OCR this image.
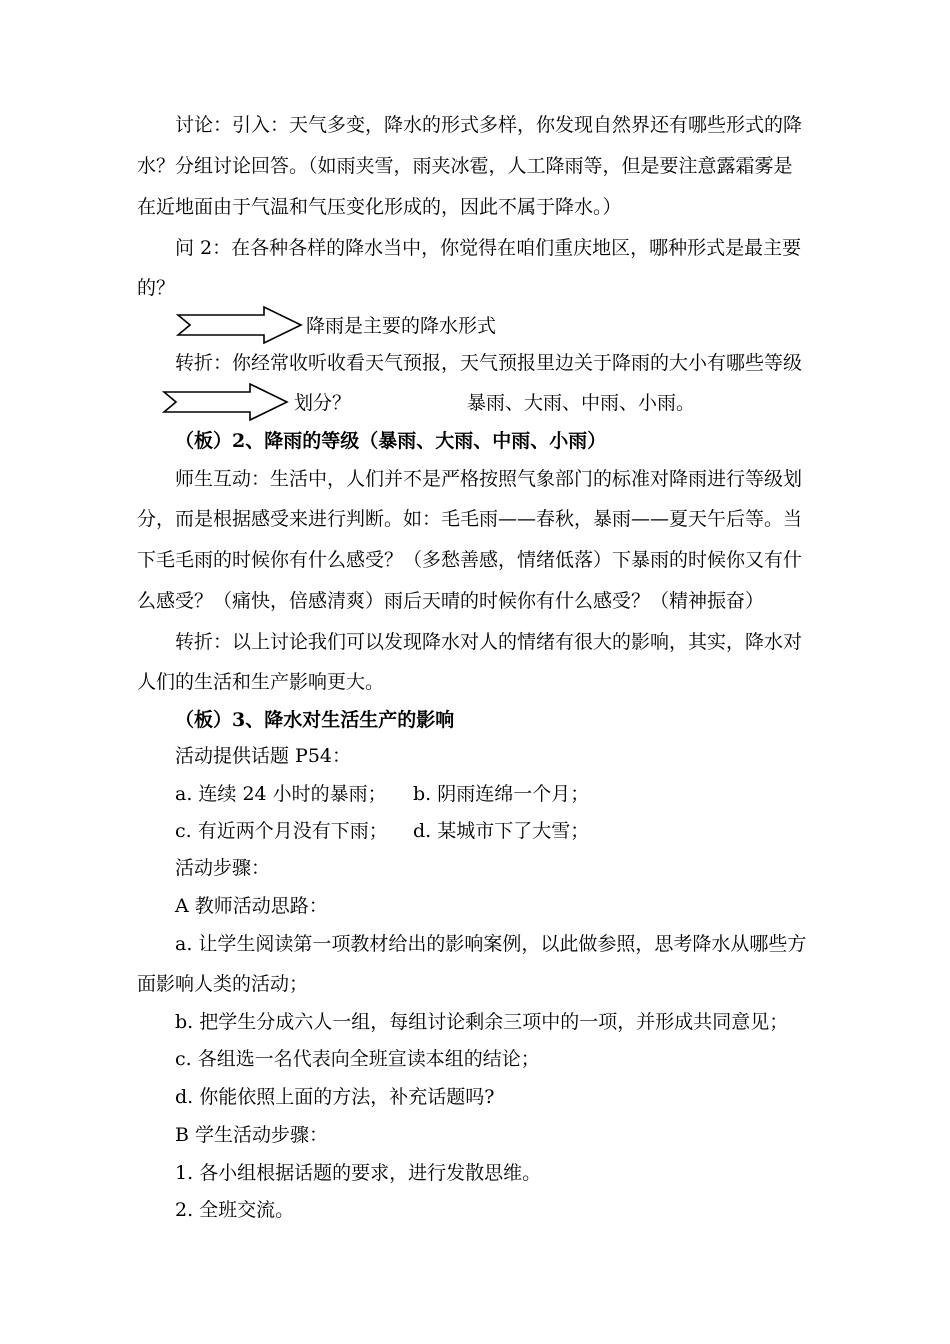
讨论：引入：天气多变，降水的形式多样，你发现自然界还有哪些形式的降
水？分组讨论回答。（如雨夹雪，雨夹冰雹，人工降雨等，但是要注意露霜雾是
在近地面由于气温和气压变化形成的，因此不属于降水。）
问 2：在各种各样的降水当中，你觉得在咱们重庆地区，哪种形式是最主要
的？
降雨是主要的降水形式
转折：你经常收听收看天气预报，天气预报里边关于降雨的大小有哪些等级
划分？	暴雨、大雨、中雨、小雨。
（板）2、降雨的等级（暴雨、大雨、中雨、小雨）
师生互动：生活中，人们并不是严格按照气象部门的标准对降雨进行等级划
分，而是根据感受来进行判断。如：毛毛雨——春秋，暴雨——夏天午后等。当
下毛毛雨的时候你有什么感受？（多愁善感，情绪低落）下暴雨的时候你又有什
么感受？（痛快，倍感清爽）雨后天晴的时候你有什么感受？（精神振奋）
转折：以上讨论我们可以发现降水对人的情绪有很大的影响，其实，降水对
人们的生活和生产影响更大。
（板）3、降水对生活生产的影响
活动提供话题 P54：
a. 连续 24 小时的暴雨； b. 阴雨连绵一个月；
c. 有近两个月没有下雨； d. 某城市下了大雪；
活动步骤：
A 教师活动思路：
a. 让学生阅读第一项教材给出的影响案例，以此做参照，思考降水从哪些方
面影响人类的活动；
b. 把学生分成六人一组，每组讨论剩余三项中的一项，并形成共同意见；
c. 各组选一名代表向全班宣读本组的结论；
d. 你能依照上面的方法，补充话题吗?
B 学生活动步骤：
1. 各小组根据话题的要求，进行发散思维。
2. 全班交流。
